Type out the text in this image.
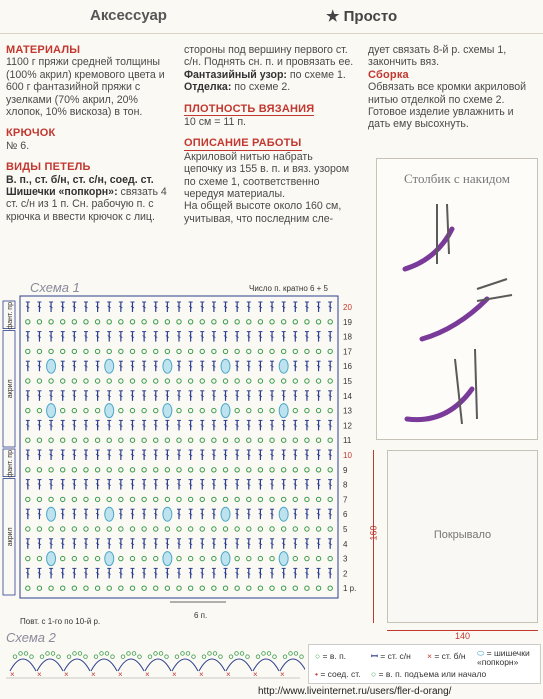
Аксессуар	★ Просто
МАТЕРИАЛЫ

1100 г пряжи средней толщины (100% акрил) кремового цвета и 600 г фантазийной пряжи с узелками (70% акрил, 20% хлопок, 10% вискоза) в тон.

КРЮЧОК

№ 6.

ВИДЫ ПЕТЕЛЬ

В. п., ст. б/н, ст. с/н, соед. ст.

Шишечки «попкорн»: связать 4 ст. с/н из 1 п. Сн. рабочую п. с крючка и ввести крючок с лиц.

стороны под вершину первого ст. с/н. Поднять сн. п. и провязать ее.

Фантазийный узор: по схеме 1.

Отделка: по схеме 2.

ПЛОТНОСТЬ ВЯЗАНИЯ

10 см = 11 п.

ОПИСАНИЕ РАБОТЫ

Акриловой нитью набрать цепочку из 155 в. п. и вяз. узором по схеме 1, соответственно чередуя материалы.

На общей высоте около 160 см, учитывая, что последним сле-

дует связать 8-й р. схемы 1, закончить вяз.

Сборка

Обвязать все кромки акриловой нитью отделкой по схеме 2.

Готовое изделие увлажнить и дать ему высохнуть.

Столбик с накидом
Покрывало
160
140
Схема 1	Число п. кратно 6 + 5
20
19
18
17
16
15
14
13
12
11
10
9
8
7
6
5
4
3
2
1 р.
фант. пр.
акрил
фант. пр.
акрил
Повт. с 1-го по 10-й р.
6 п.
Схема 2
×	×	×	×	×	×	×	×	×	×	×
○ = в. п.	ꟷ = ст. с/н × = ст. б/н ⬭ = шишечки «попкорн»
• = соед. ст. ○ = в. п. подъема или начало
http://www.liveinternet.ru/users/fler-d-orang/
